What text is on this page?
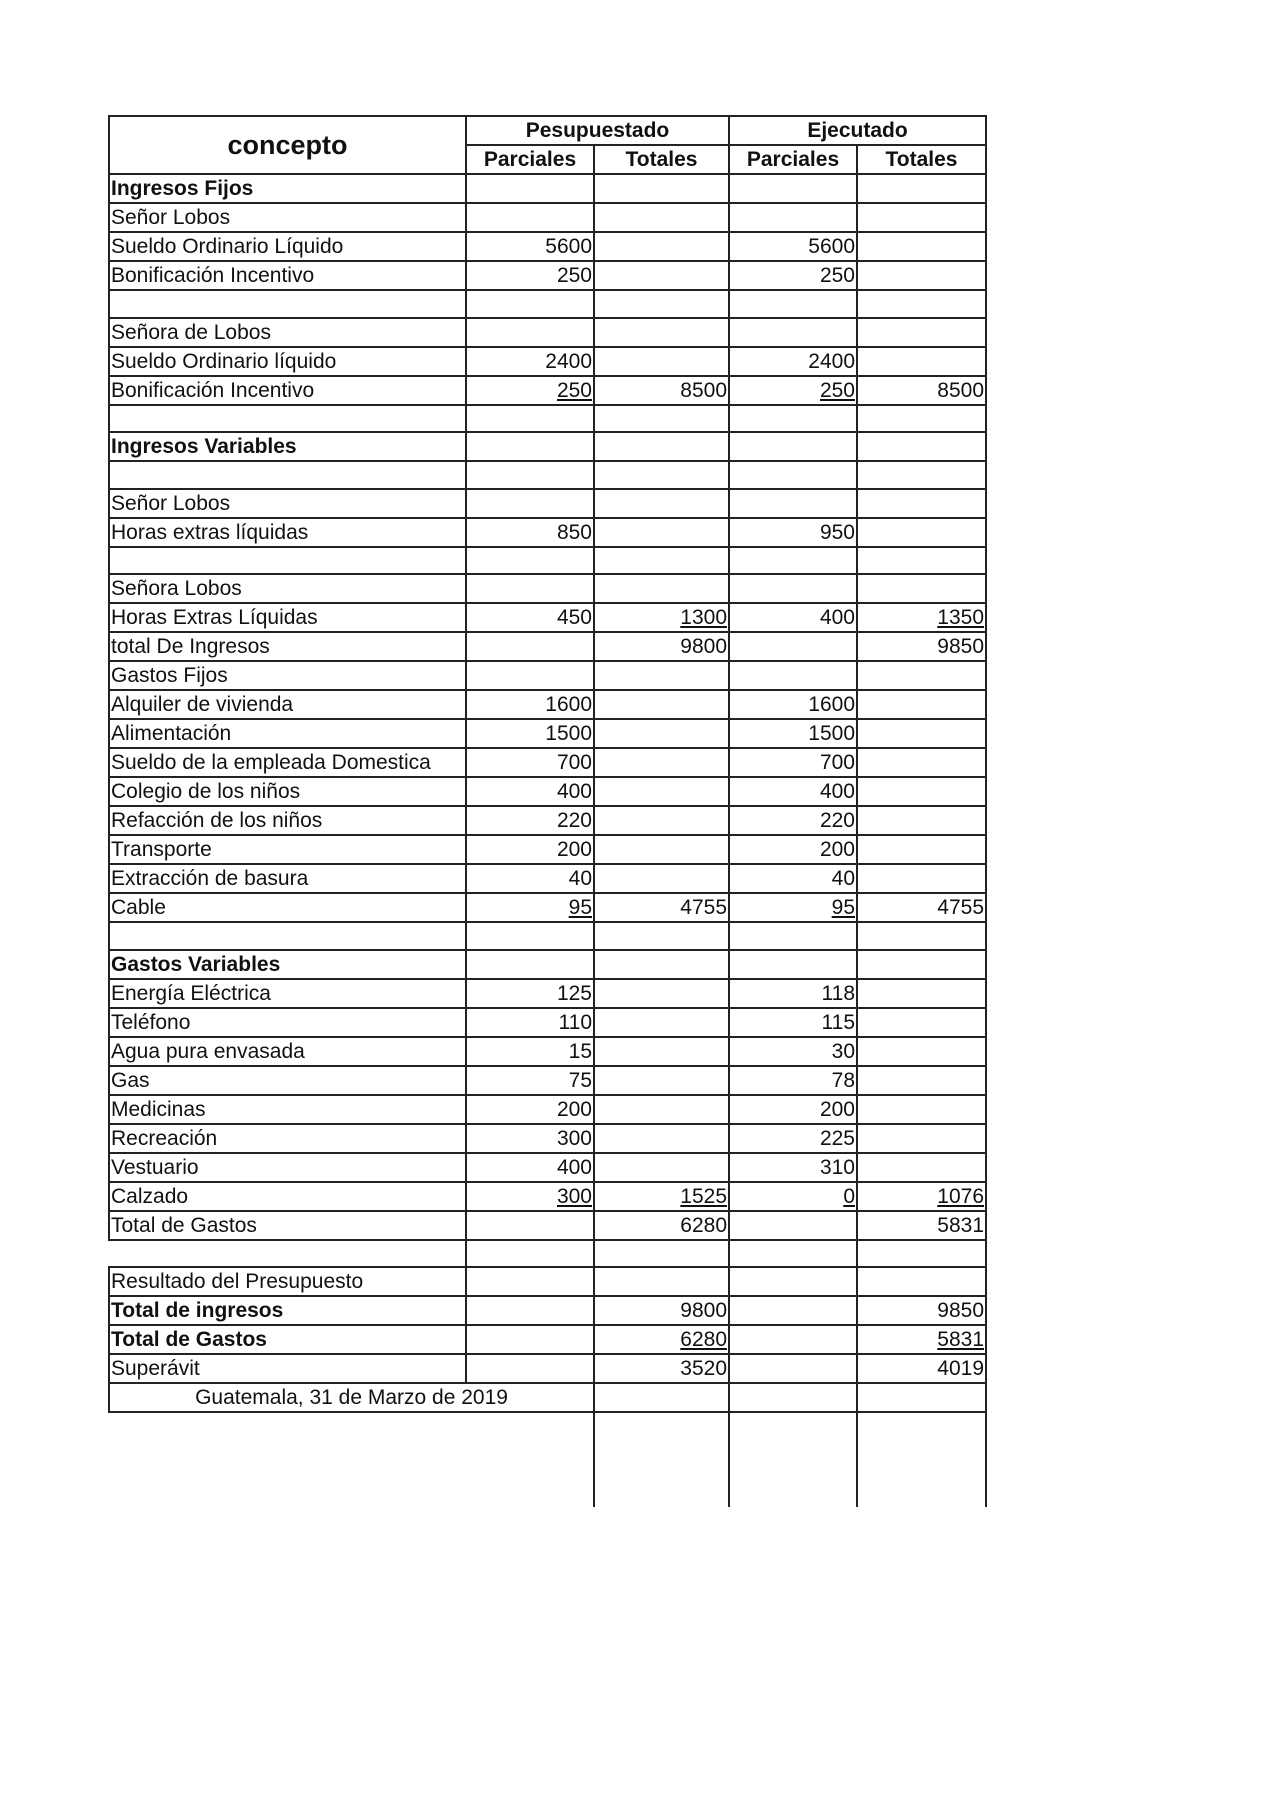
concepto	Pesupuestado		Ejecutado	
	Parciales	Totales	Parciales	Totales
Ingresos Fijos				
Señor Lobos				
Sueldo Ordinario Líquido	5600		5600	
Bonificación Incentivo	250		250	

Señora de Lobos				
Sueldo Ordinario líquido	2400		2400	
Bonificación Incentivo	250	8500	250	8500

Ingresos Variables				

Señor Lobos				
Horas extras líquidas	850		950	

Señora Lobos				
Horas Extras Líquidas	450	1300	400	1350
total De Ingresos		9800		9850
Gastos Fijos				
Alquiler de vivienda	1600		1600	
Alimentación	1500		1500	
Sueldo de la empleada Domestica	700		700	
Colegio de los niños	400		400	
Refacción de los niños	220		220	
Transporte	200		200	
Extracción de basura	40		40	
Cable	95	4755	95	4755

Gastos Variables				
Energía Eléctrica	125		118	
Teléfono	110		115	
Agua pura envasada	15		30	
Gas	75		78	
Medicinas	200		200	
Recreación	300		225	
Vestuario	400		310	
Calzado	300	1525	0	1076
Total de Gastos		6280		5831

Resultado del Presupuesto				
Total de ingresos		9800		9850
Total de Gastos		6280		5831
Superávit		3520		4019
Guatemala, 31 de Marzo de 2019				
